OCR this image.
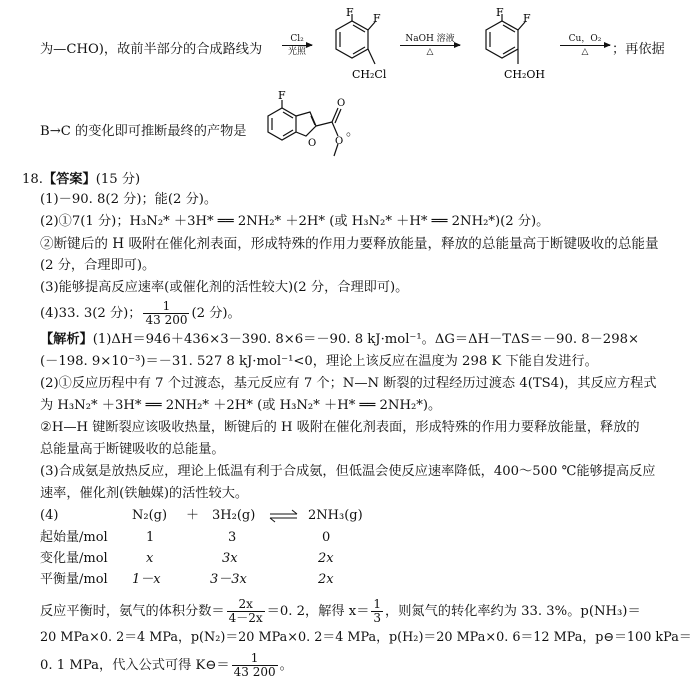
为—CHO)，故前半部分的合成路线为
Cl₂
光照
F F
CH₂Cl
NaOH 溶液
△
F F
CH₂OH
Cu，O₂
△	；再依据
B→C 的变化即可推断最终的产物是
F
O
O
O
。
18.【答案】(15 分)
(1)－90. 8(2 分)；能(2 分)。
(2)①7(1 分)；H₃N₂* ＋3H* ══ 2NH₂* ＋2H* (或 H₃N₂* ＋H* ══ 2NH₂*)(2 分)。
②断键后的 H 吸附在催化剂表面，形成特殊的作用力要释放能量，释放的总能量高于断键吸收的总能量
(2 分，合理即可)。
(3)能够提高反应速率(或催化剂的活性较大)(2 分，合理即可)。
(4)33. 3(2 分)； $\frac{1}{43 200} (2$ 分)。
【解析】(1)ΔH＝946＋436×3－390. 8×6＝－90. 8 kJ·mol⁻¹。ΔG＝ΔH－TΔS＝－90. 8－298×
(－198. 9×10⁻³)＝－31. 527 8 kJ·mol⁻¹<0，理论上该反应在温度为 298 K 下能自发进行。
(2)①反应历程中有 7 个过渡态，基元反应有 7 个；N—N 断裂的过程经历过渡态 4(TS4)，其反应方程式
为 H₃N₂* ＋3H* ══ 2NH₂* ＋2H* (或 H₃N₂* ＋H* ══ 2NH₂*)。
②H—H 键断裂应该吸收热量，断键后的 H 吸附在催化剂表面，形成特殊的作用力要释放能量，释放的
总能量高于断键吸收的总能量。
(3)合成氨是放热反应，理论上低温有利于合成氨，但低温会使反应速率降低，400～500 ℃能够提高反应
速率，催化剂(铁触媒)的活性较大。
(4)	N₂(g) ＋ 3H₂(g) ⇌ 2NH₃(g)
起始量/mol	1	3	0
变化量/mol	x	3x	2x
平衡量/mol 1－x	3－3x	2x
反应平衡时，氨气的体积分数＝ $\frac{2x}{4-2x} =0$. 2，解得 $x= \frac{1}{3}$ ，则氮气的转化率约为 33. 3%。p(NH₃)＝
20 MPa×0. 2＝4 MPa，p(N₂)＝20 MPa×0. 2＝4 MPa，p(H₂)＝20 MPa×0. 6＝12 MPa，p⊖＝100 kPa＝
0. 1 MPa，代入公式可得 K⊖＝ $\frac{1}{43 200}$ 。
